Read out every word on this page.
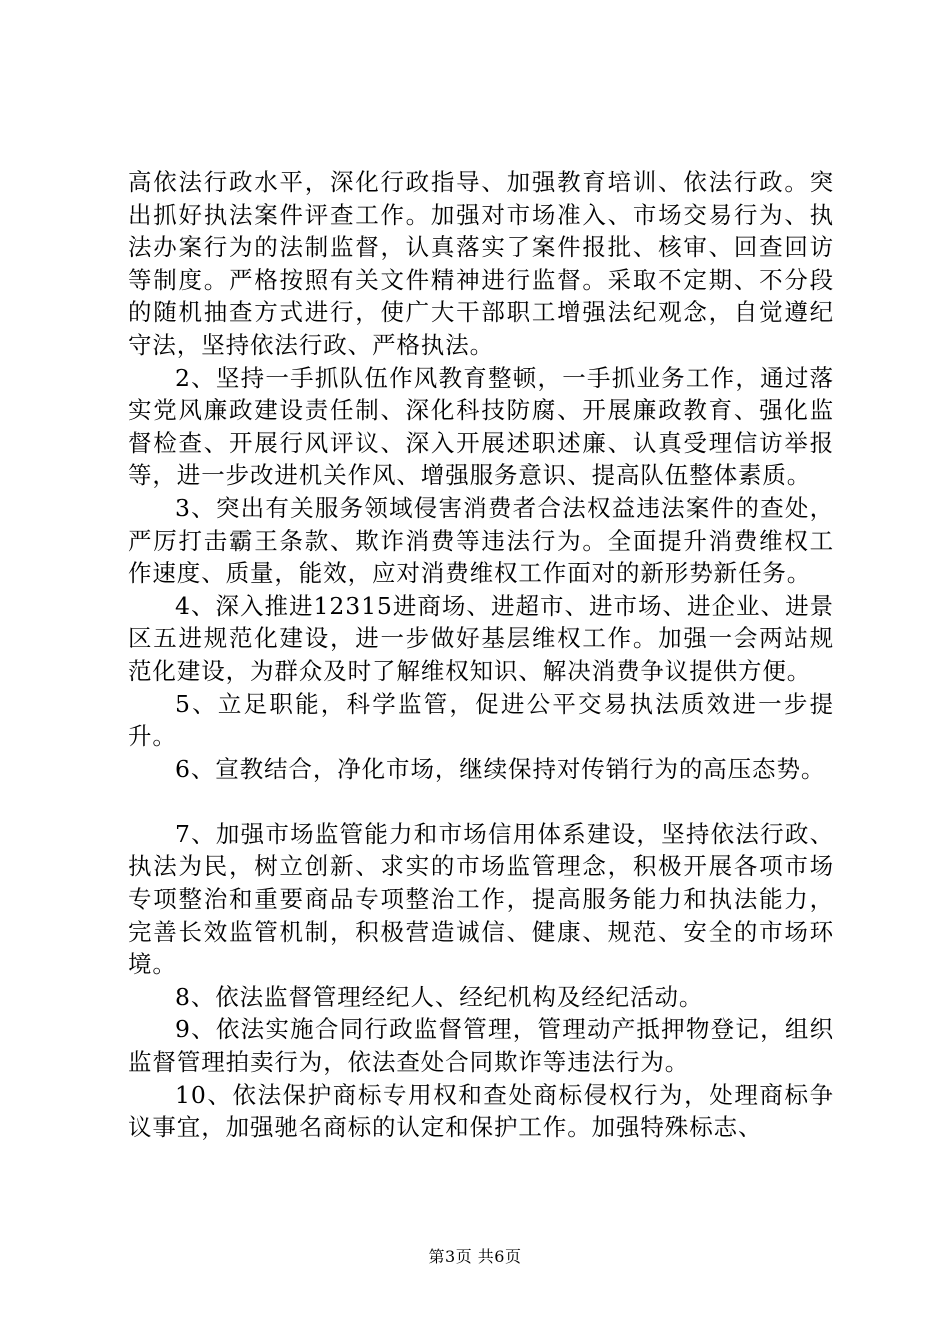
高依法行政水平，深化行政指导、加强教育培训、依法行政。突出抓好执法案件评查工作。加强对市场准入、市场交易行为、执法办案行为的法制监督，认真落实了案件报批、核审、回查回访等制度。严格按照有关文件精神进行监督。采取不定期、不分段的随机抽查方式进行，使广大干部职工增强法纪观念，自觉遵纪守法，坚持依法行政、严格执法。

2、坚持一手抓队伍作风教育整顿，一手抓业务工作，通过落实党风廉政建设责任制、深化科技防腐、开展廉政教育、强化监督检查、开展行风评议、深入开展述职述廉、认真受理信访举报等，进一步改进机关作风、增强服务意识、提高队伍整体素质。

3、突出有关服务领域侵害消费者合法权益违法案件的查处，严厉打击霸王条款、欺诈消费等违法行为。全面提升消费维权工作速度、质量，能效，应对消费维权工作面对的新形势新任务。

4、深入推进12315进商场、进超市、进市场、进企业、进景区五进规范化建设，进一步做好基层维权工作。加强一会两站规范化建设，为群众及时了解维权知识、解决消费争议提供方便。

5、立足职能，科学监管，促进公平交易执法质效进一步提升。

6、宣教结合，净化市场，继续保持对传销行为的高压态势。

7、加强市场监管能力和市场信用体系建设，坚持依法行政、执法为民，树立创新、求实的市场监管理念，积极开展各项市场专项整治和重要商品专项整治工作，提高服务能力和执法能力，完善长效监管机制，积极营造诚信、健康、规范、安全的市场环境。

8、依法监督管理经纪人、经纪机构及经纪活动。

9、依法实施合同行政监督管理，管理动产抵押物登记，组织监督管理拍卖行为，依法查处合同欺诈等违法行为。

10、依法保护商标专用权和查处商标侵权行为，处理商标争议事宜，加强驰名商标的认定和保护工作。加强特殊标志、

第3页 共6页
